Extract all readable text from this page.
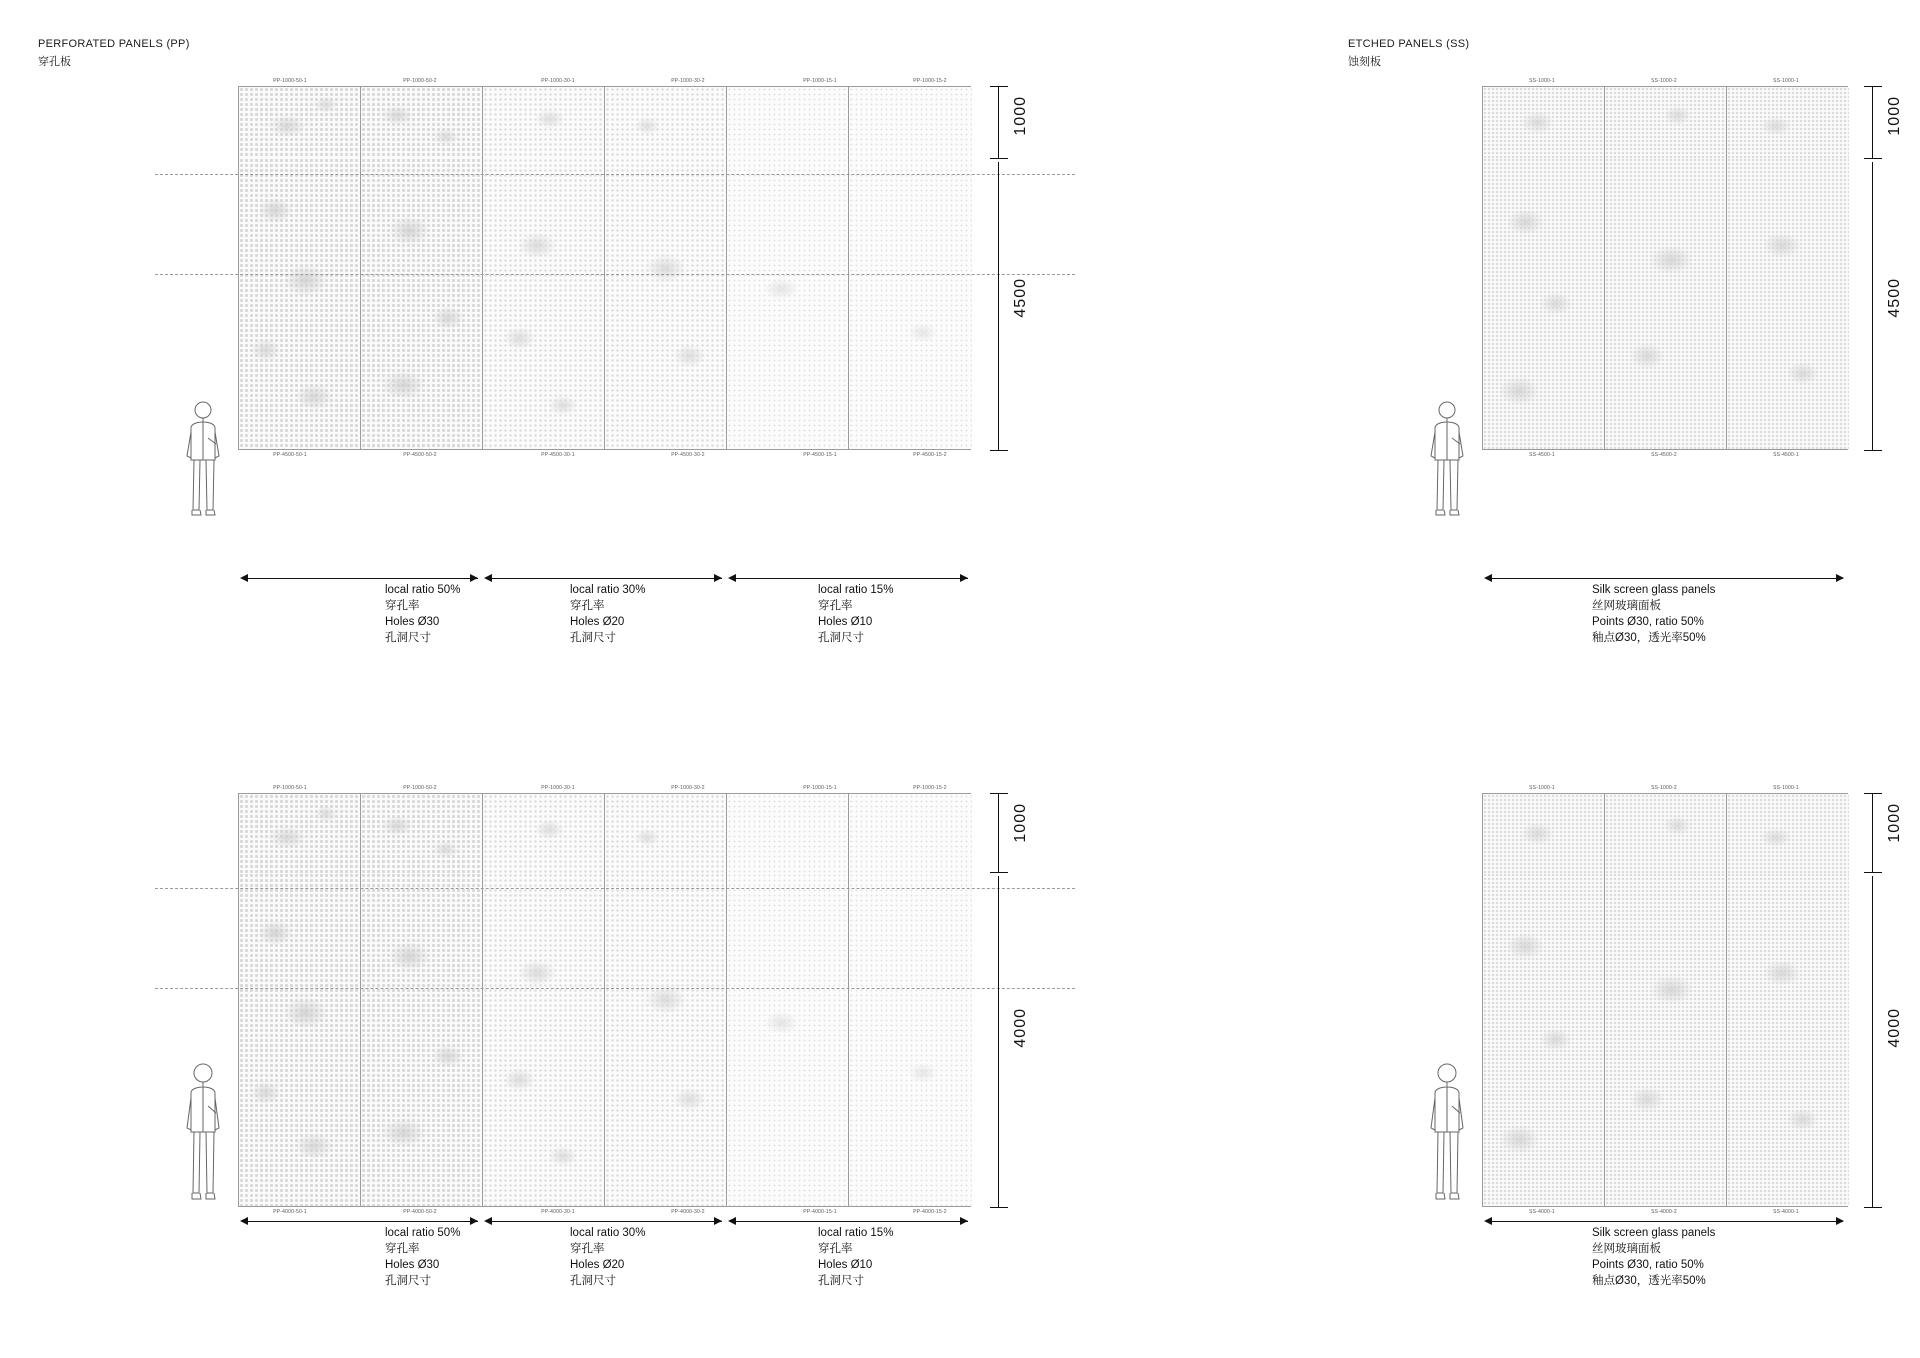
PERFORATED PANELS (PP)
穿孔板
PP-1000-50-1	PP-1000-50-2	PP-1000-30-1	PP-1000-30-2	PP-1000-15-1	PP-1000-15-2
1000
4500
PP-4500-50-1	PP-4500-50-2	PP-4500-30-1	PP-4500-30-2	PP-4500-15-1	PP-4500-15-2
local ratio 50%
穿孔率
Holes Ø30
孔洞尺寸
local ratio 30%
穿孔率
Holes Ø20
孔洞尺寸
local ratio 15%
穿孔率
Holes Ø10
孔洞尺寸
ETCHED PANELS (SS)
蚀刻板
SS-1000-1	SS-1000-2	SS-1000-1
1000
4500
SS-4500-1	SS-4500-2	SS-4500-1
Silk screen glass panels
丝网玻璃面板
Points Ø30, ratio 50%
釉点Ø30，透光率50%
PP-1000-50-1	PP-1000-50-2	PP-1000-30-1	PP-1000-30-2	PP-1000-15-1	PP-1000-15-2
1000
4000
PP-4000-50-1	PP-4000-50-2	PP-4000-30-1	PP-4000-30-2	PP-4000-15-1	PP-4000-15-2
local ratio 50%
穿孔率
Holes Ø30
孔洞尺寸
local ratio 30%
穿孔率
Holes Ø20
孔洞尺寸
local ratio 15%
穿孔率
Holes Ø10
孔洞尺寸
SS-1000-1	SS-1000-2	SS-1000-1
1000
4000
SS-4000-1	SS-4000-2	SS-4000-1
Silk screen glass panels
丝网玻璃面板
Points Ø30, ratio 50%
釉点Ø30，透光率50%
